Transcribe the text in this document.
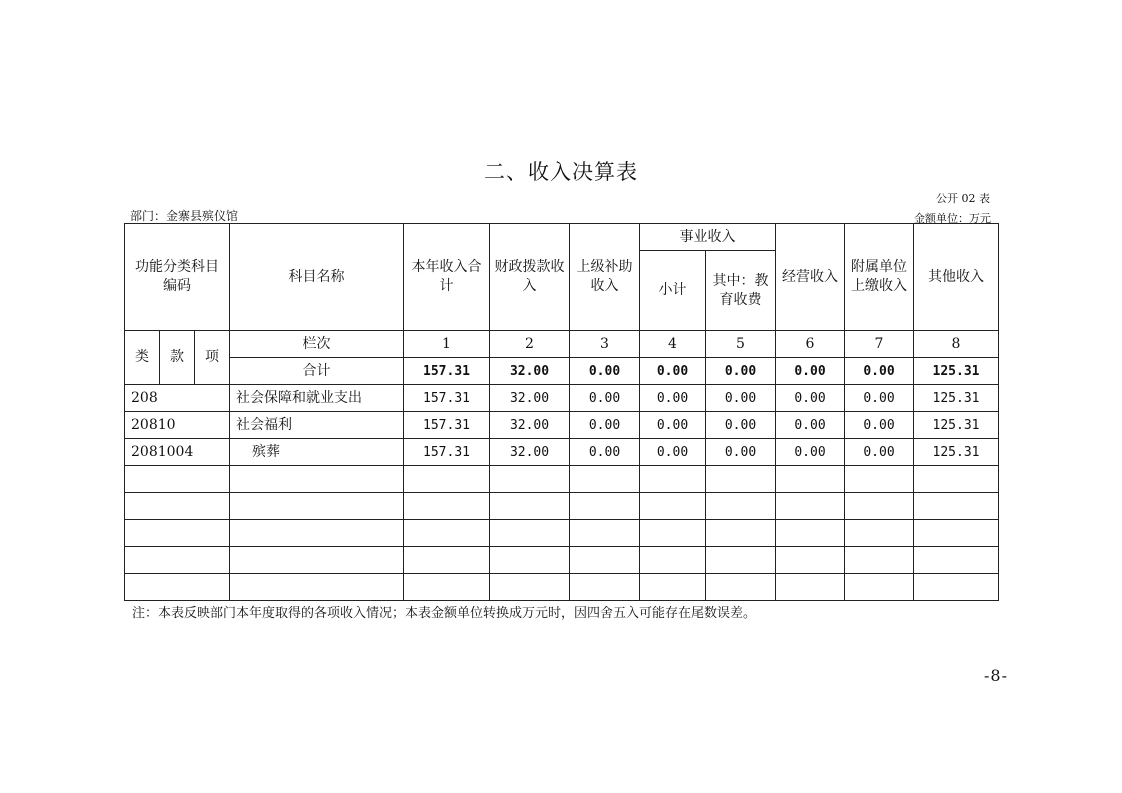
二、收入决算表
公开 02 表
部门：金寨县殡仪馆	金额单位：万元
功能分类科目编码			科目名称	本年收入合计	财政拨款收入	上级补助收入	事业收入		经营收入	附属单位上缴收入	其他收入
							小计	其中：教育收费			
类	款	项	栏次	1	2	3	4	5	6	7	8
			合计	157.31	32.00	0.00	0.00	0.00	0.00	0.00	125.31
208			社会保障和就业支出	157.31	32.00	0.00	0.00	0.00	0.00	0.00	125.31
20810			社会福利	157.31	32.00	0.00	0.00	0.00	0.00	0.00	125.31
2081004			殡葬	157.31	32.00	0.00	0.00	0.00	0.00	0.00	125.31

注：本表反映部门本年度取得的各项收入情况；本表金额单位转换成万元时，因四舍五入可能存在尾数误差。
-8-
